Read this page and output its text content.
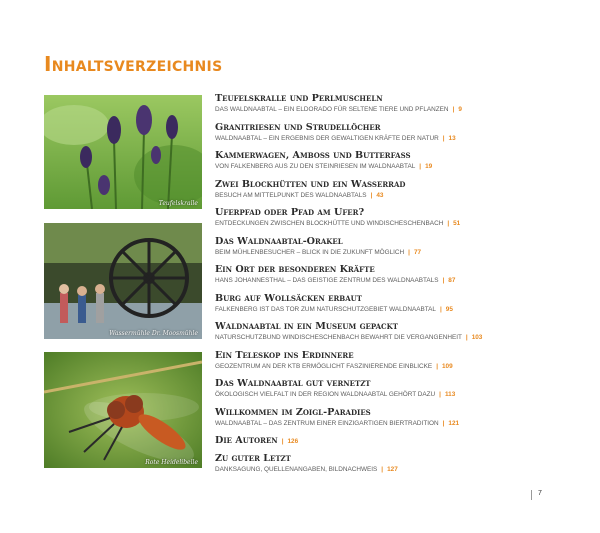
Inhaltsverzeichnis
Teufelskralle
Wassermühle Dr. Moosmühle
Rote Heidelibelle
Teufelskralle und Perlmuscheln
DAS WALDNAABTAL – EIN ELDORADO FÜR SELTENE TIERE UND PFLANZEN | 9
Granitriesen und Strudellöcher
WALDNAABTAL – EIN ERGEBNIS DER GEWALTIGEN KRÄFTE DER NATUR | 13
Kammerwagen, Amboss und Butterfass
VON FALKENBERG AUS ZU DEN STEINRIESEN IM WALDNAABTAL | 19
Zwei Blockhütten und ein Wasserrad
BESUCH AM MITTELPUNKT DES WALDNAABTALS | 43
Uferpfad oder Pfad am Ufer?
ENTDECKUNGEN ZWISCHEN BLOCKHÜTTE UND WINDISCHESCHENBACH | 51
Das Waldnaabtal-Orakel
BEIM MÜHLENBESUCHER – BLICK IN DIE ZUKUNFT MÖGLICH | 77
Ein Ort der besonderen Kräfte
HANS JOHANNESTHAL – DAS GEISTIGE ZENTRUM DES WALDNAABTALS | 87
Burg auf Wollsäcken erbaut
FALKENBERG IST DAS TOR ZUM NATURSCHUTZGEBIET WALDNAABTAL | 95
Waldnaabtal in ein Museum gepackt
NATURSCHUTZBUND WINDISCHESCHENBACH BEWAHRT DIE VERGANGENHEIT | 103
Ein Teleskop ins Erdinnere
GEOZENTRUM AN DER KTB ERMÖGLICHT FASZINIERENDE EINBLICKE | 109
Das Waldnaabtal gut vernetzt
ÖKOLOGISCH VIELFALT IN DER REGION WALDNAABTAL GEHÖRT DAZU | 113
Willkommen im Zoigl-Paradies
WALDNAABTAL – DAS ZENTRUM EINER EINZIGARTIGEN BIERTRADITION | 121
Die Autoren | 126
Zu guter Letzt
DANKSAGUNG, QUELLENANGABEN, BILDNACHWEIS | 127
7
